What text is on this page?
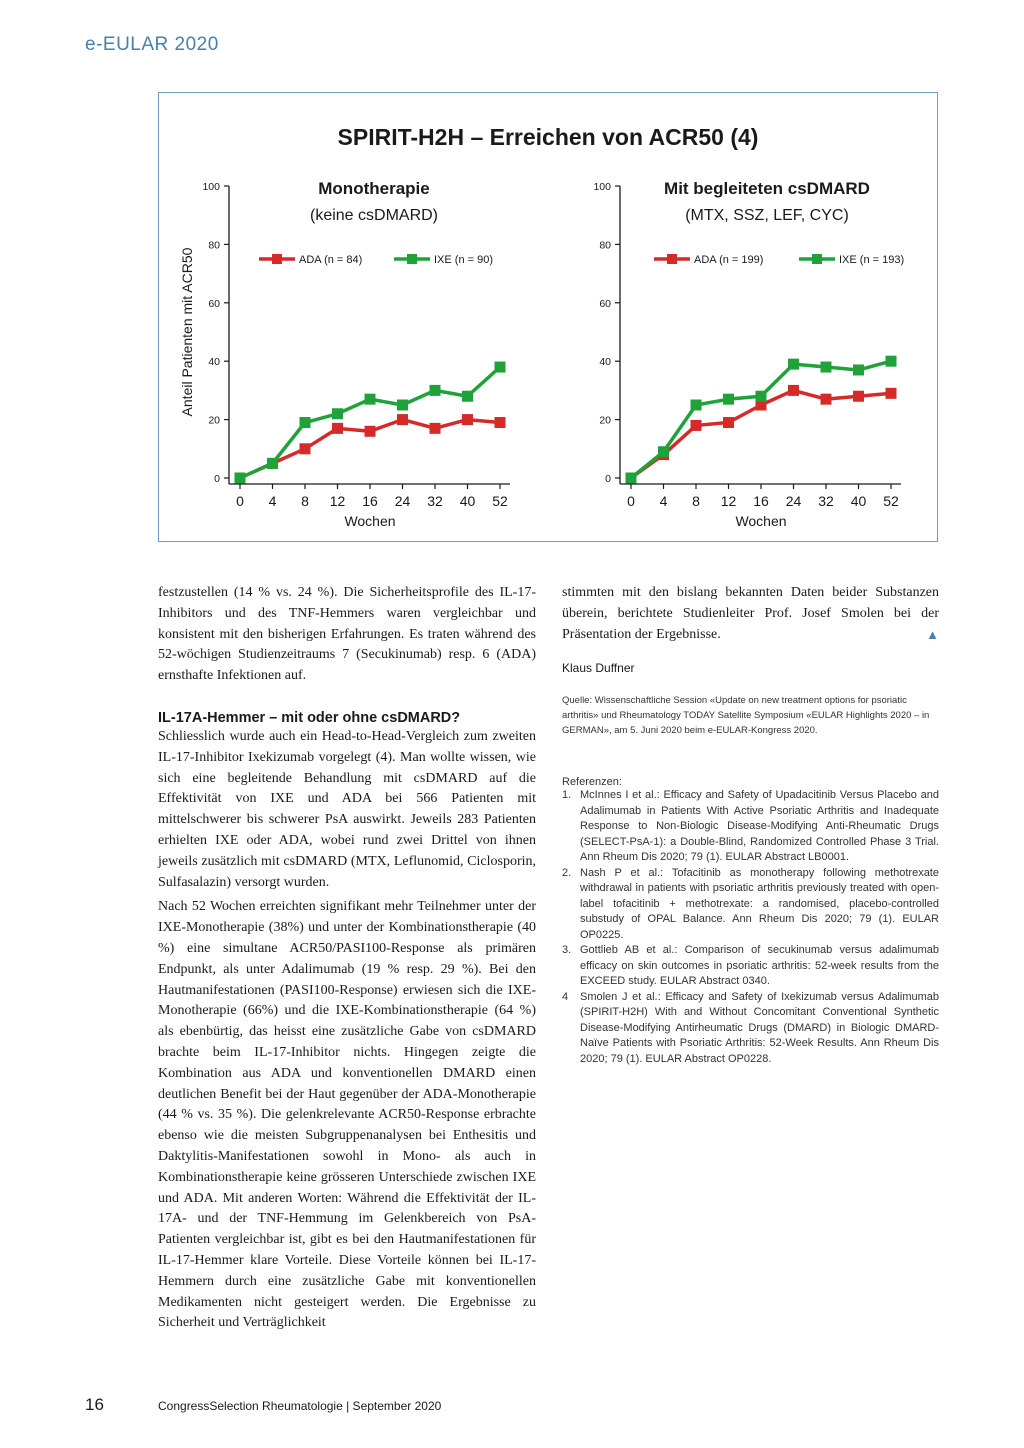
e-EULAR 2020
SPIRIT-H2H – Erreichen von ACR50 (4)
Monotherapie
(keine csDMARD)
0
20
40
60
80
100
0 4 8 12 16 24 32 40 52
Wochen
Anteil Patienten mit ACR50	ADA (n = 84)	IXE (n = 90)
Mit begleiteten csDMARD
(MTX, SSZ, LEF, CYC)
0
20
40
60
80
100
0 4 8 12 16 24 32 40 52
Wochen
ADA (n = 199)	IXE (n = 193)

festzustellen (14 % vs. 24 %). Die Sicherheitsprofile des IL-17-Inhibitors und des TNF-Hemmers waren vergleichbar und konsistent mit den bisherigen Erfahrungen. Es traten während des 52-wöchigen Studienzeitraums 7 (Secukinumab) resp. 6 (ADA) ernsthafte Infektionen auf.

IL-17A-Hemmer – mit oder ohne csDMARD?

Schliesslich wurde auch ein Head-to-Head-Vergleich zum zweiten IL-17-Inhibitor Ixekizumab vorgelegt (4). Man wollte wissen, wie sich eine begleitende Behandlung mit csDMARD auf die Effektivität von IXE und ADA bei 566 Patienten mit mittelschwerer bis schwerer PsA auswirkt. Jeweils 283 Patienten erhielten IXE oder ADA, wobei rund zwei Drittel von ihnen jeweils zusätzlich mit csDMARD (MTX, Leflunomid, Ciclosporin, Sulfasalazin) versorgt wurden.

Nach 52 Wochen erreichten signifikant mehr Teilnehmer unter der IXE-Monotherapie (38%) und unter der Kombinationstherapie (40 %) eine simultane ACR50/PASI100-Response als primären Endpunkt, als unter Adalimumab (19 % resp. 29 %). Bei den Hautmanifestationen (PASI100-Response) erwiesen sich die IXE-Monotherapie (66%) und die IXE-Kombinationstherapie (64 %) als ebenbürtig, das heisst eine zusätzliche Gabe von csDMARD brachte beim IL-17-Inhibitor nichts. Hingegen zeigte die Kombination aus ADA und konventionellen DMARD einen deutlichen Benefit bei der Haut gegenüber der ADA-Monotherapie (44 % vs. 35 %). Die gelenkrelevante ACR50-Response erbrachte ebenso wie die meisten Subgruppenanalysen bei Enthesitis und Daktylitis-Manifestationen sowohl in Mono- als auch in Kombinationstherapie keine grösseren Unterschiede zwischen IXE und ADA. Mit anderen Worten: Während die Effektivität der IL-17A- und der TNF-Hemmung im Gelenkbereich von PsA-Patienten vergleichbar ist, gibt es bei den Hautmanifestationen für IL-17-Hemmer klare Vorteile. Diese Vorteile können bei IL-17-Hemmern durch eine zusätzliche Gabe mit konventionellen Medikamenten nicht gesteigert werden. Die Ergebnisse zu Sicherheit und Verträglichkeit

stimmten mit den bislang bekannten Daten beider Substanzen überein, berichtete Studienleiter Prof. Josef Smolen bei der Präsentation der Ergebnisse.	▲

Klaus Duffner
Quelle: Wissenschaftliche Session «Update on new treatment options for psoriatic arthritis» und Rheumatology TODAY Satellite Symposium «EULAR Highlights 2020 – in GERMAN», am 5. Juni 2020 beim e-EULAR-Kongress 2020.
Referenzen:
1. McInnes I et al.: Efficacy and Safety of Upadacitinib Versus Placebo and Adalimumab in Patients With Active Psoriatic Arthritis and Inadequate Response to Non-Biologic Disease-Modifying Anti-Rheumatic Drugs (SELECT-PsA-1): a Double-Blind, Randomized Controlled Phase 3 Trial. Ann Rheum Dis 2020; 79 (1). EULAR Abstract LB0001.
2. Nash P et al.: Tofacitinib as monotherapy following methotrexate withdrawal in patients with psoriatic arthritis previously treated with open-label tofacitinib + methotrexate: a randomised, placebo-controlled substudy of OPAL Balance. Ann Rheum Dis 2020; 79 (1). EULAR OP0225.
3. Gottlieb AB et al.: Comparison of secukinumab versus adalimumab efficacy on skin outcomes in psoriatic arthritis: 52-week results from the EXCEED study. EULAR Abstract 0340.
4 Smolen J et al.: Efficacy and Safety of Ixekizumab versus Adalimumab (SPIRIT-H2H) With and Without Concomitant Conventional Synthetic Disease-Modifying Antirheumatic Drugs (DMARD) in Biologic DMARD-Naïve Patients with Psoriatic Arthritis: 52-Week Results. Ann Rheum Dis 2020; 79 (1). EULAR Abstract OP0228.
16	CongressSelection Rheumatologie | September 2020
